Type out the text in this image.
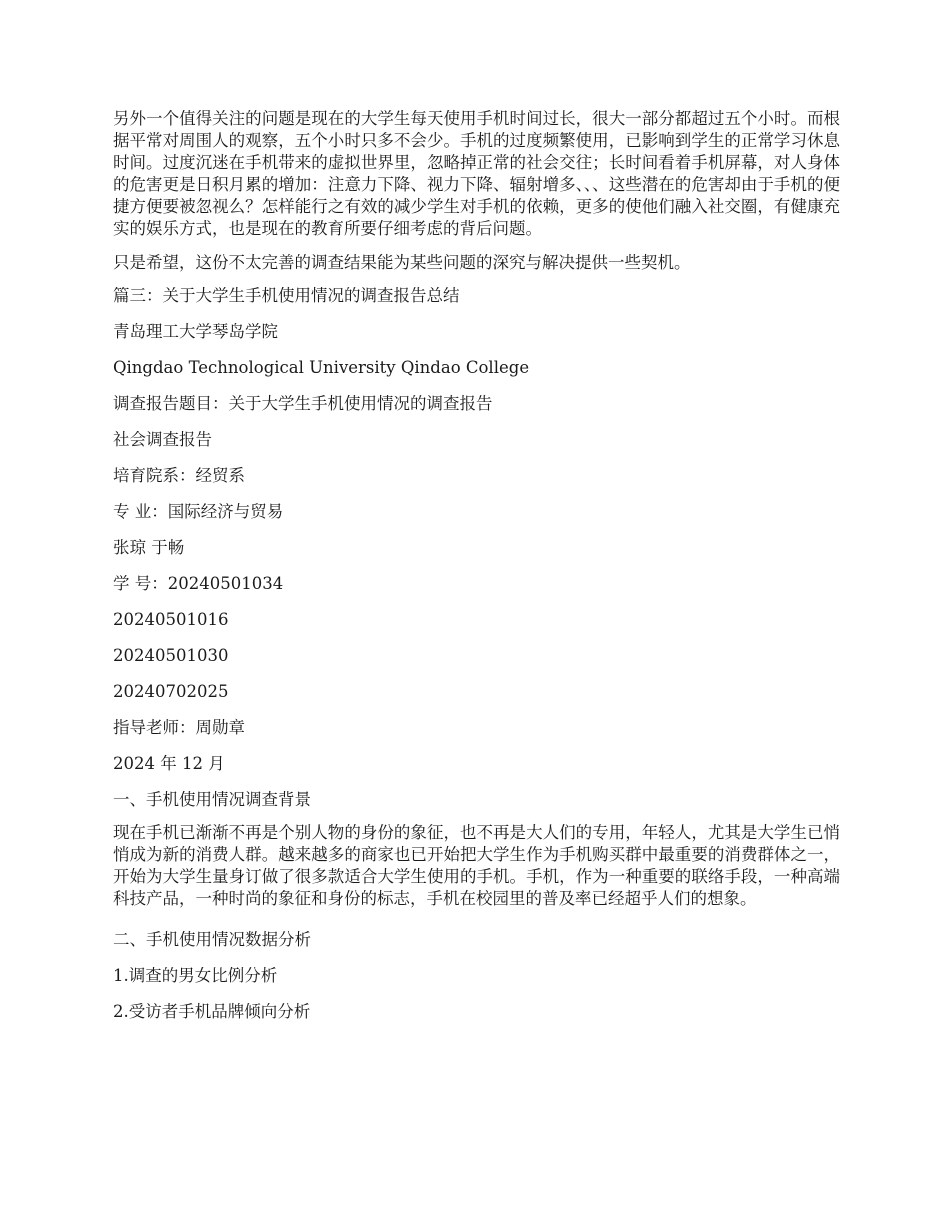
另外一个值得关注的问题是现在的大学生每天使用手机时间过长，很大一部分都超过五个小时。而根据平常对周围人的观察，五个小时只多不会少。手机的过度频繁使用，已影响到学生的正常学习休息时间。过度沉迷在手机带来的虚拟世界里，忽略掉正常的社会交往；长时间看着手机屏幕，对人身体的危害更是日积月累的增加：注意力下降、视力下降、辐射增多、、、这些潜在的危害却由于手机的便捷方便要被忽视么？怎样能行之有效的减少学生对手机的依赖，更多的使他们融入社交圈，有健康充实的娱乐方式，也是现在的教育所要仔细考虑的背后问题。

只是希望，这份不太完善的调查结果能为某些问题的深究与解决提供一些契机。

篇三：关于大学生手机使用情况的调查报告总结

青岛理工大学琴岛学院

Qingdao Technological University Qindao College

调查报告题目：关于大学生手机使用情况的调查报告

社会调查报告

培育院系：经贸系

专 业：国际经济与贸易

张琼 于畅

学 号：20240501034

20240501016

20240501030

20240702025

指导老师：周勋章

2024 年 12 月

一、手机使用情况调查背景

现在手机已渐渐不再是个别人物的身份的象征，也不再是大人们的专用，年轻人，尤其是大学生已悄悄成为新的消费人群。越来越多的商家也已开始把大学生作为手机购买群中最重要的消费群体之一，开始为大学生量身订做了很多款适合大学生使用的手机。手机，作为一种重要的联络手段，一种高端科技产品，一种时尚的象征和身份的标志，手机在校园里的普及率已经超乎人们的想象。

二、手机使用情况数据分析

1.调查的男女比例分析

2.受访者手机品牌倾向分析
